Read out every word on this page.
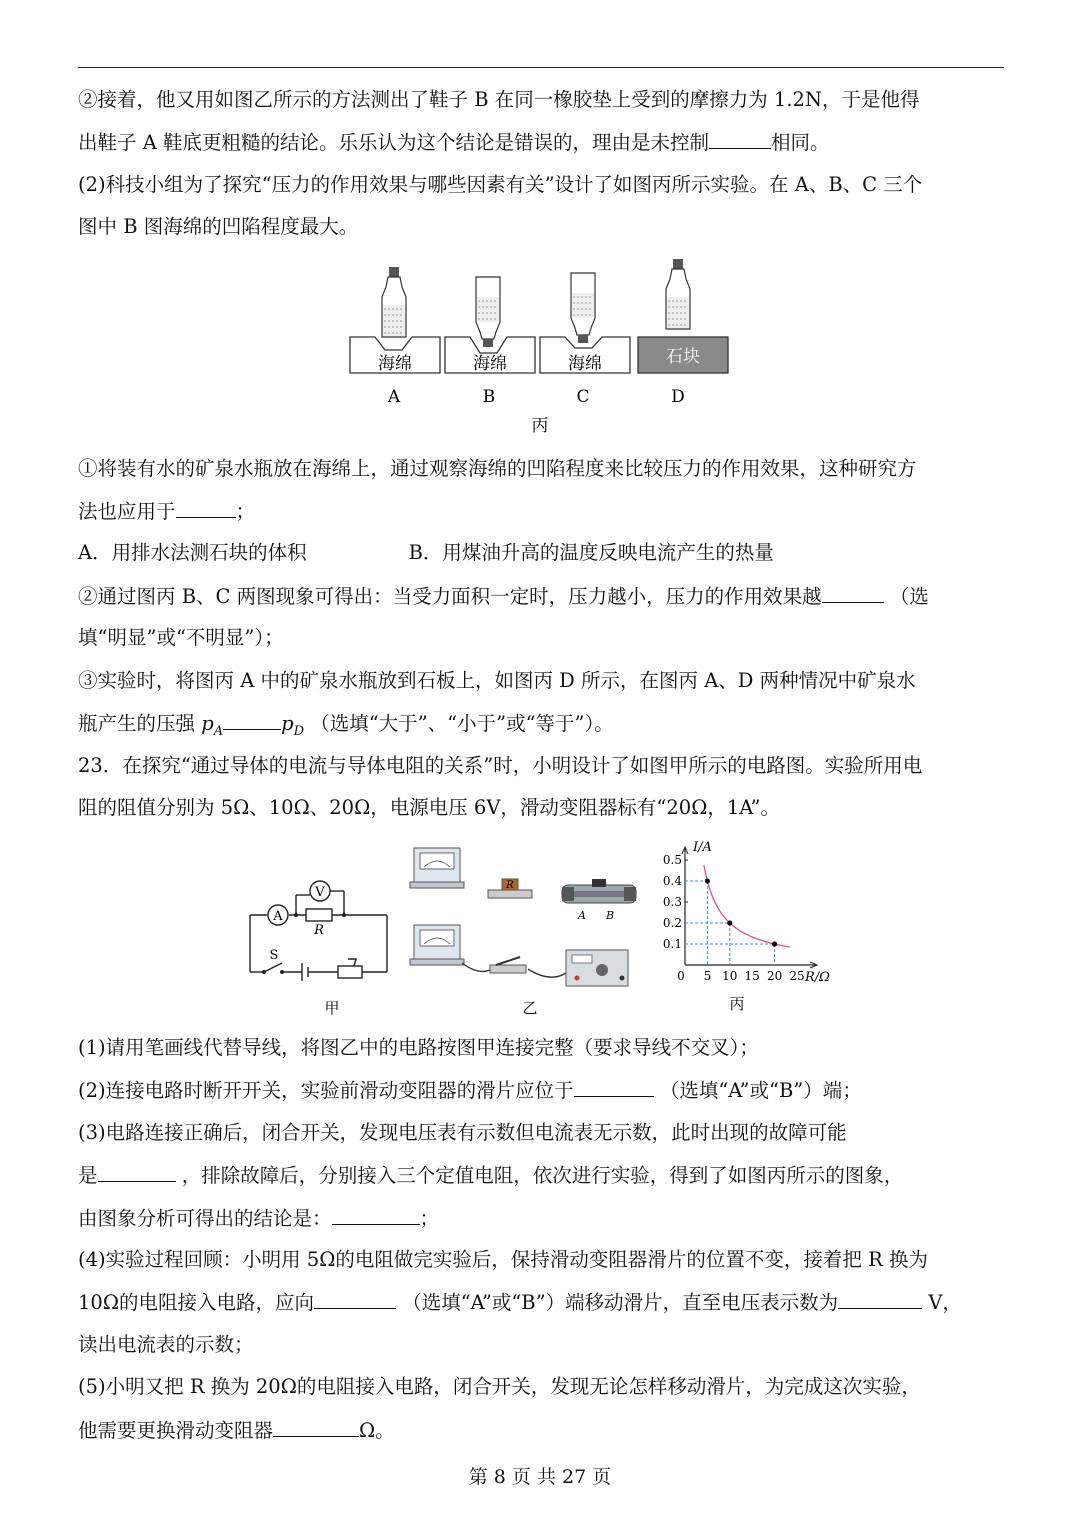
②接着，他又用如图乙所示的方法测出了鞋子 B 在同一橡胶垫上受到的摩擦力为 1.2N，于是他得
出鞋子 A 鞋底更粗糙的结论。乐乐认为这个结论是错误的，理由是未控制	相同。
(2)科技小组为了探究“压力的作用效果与哪些因素有关”设计了如图丙所示实验。在 A、B、C 三个
图中 B 图海绵的凹陷程度最大。
海绵
A
海绵
B
海绵
C
石块
D
丙
①将装有水的矿泉水瓶放在海绵上，通过观察海绵的凹陷程度来比较压力的作用效果，这种研究方
法也应用于	；
A．用排水法测石块的体积	B．用煤油升高的温度反映电流产生的热量
②通过图丙 B、C 两图现象可得出：当受力面积一定时，压力越小，压力的作用效果越	（选
填“明显”或“不明显”）；
③实验时，将图丙 A 中的矿泉水瓶放到石板上，如图丙 D 所示，在图丙 A、D 两种情况中矿泉水
瓶产生的压强 $p_A$	$p_D$ （选填“大于”、“小于”或“等于”）。
23．在探究“通过导体的电流与导体电阻的关系”时，小明设计了如图甲所示的电路图。实验所用电
阻的阻值分别为 5Ω、10Ω、20Ω，电源电压 6V，滑动变阻器标有“20Ω，1A”。
A
V
R
S
甲
R
A B
乙
0.1
0.2
0.3
0.4
0.5
0 5 10 15 20 25
I/A
R/Ω
丙
(1)请用笔画线代替导线，将图乙中的电路按图甲连接完整（要求导线不交叉）；
(2)连接电路时断开开关，实验前滑动变阻器的滑片应位于	（选填“A”或“B”）端；
(3)电路连接正确后，闭合开关，发现电压表有示数但电流表无示数，此时出现的故障可能
是	，排除故障后，分别接入三个定值电阻，依次进行实验，得到了如图丙所示的图象，
由图象分析可得出的结论是：	；
(4)实验过程回顾：小明用 5Ω的电阻做完实验后，保持滑动变阻器滑片的位置不变，接着把 R 换为
10Ω的电阻接入电路，应向	（选填“A”或“B”）端移动滑片，直至电压表示数为	V，
读出电流表的示数；
(5)小明又把 R 换为 20Ω的电阻接入电路，闭合开关，发现无论怎样移动滑片，为完成这次实验，
他需要更换滑动变阻器	Ω。
第 8 页 共 27 页
